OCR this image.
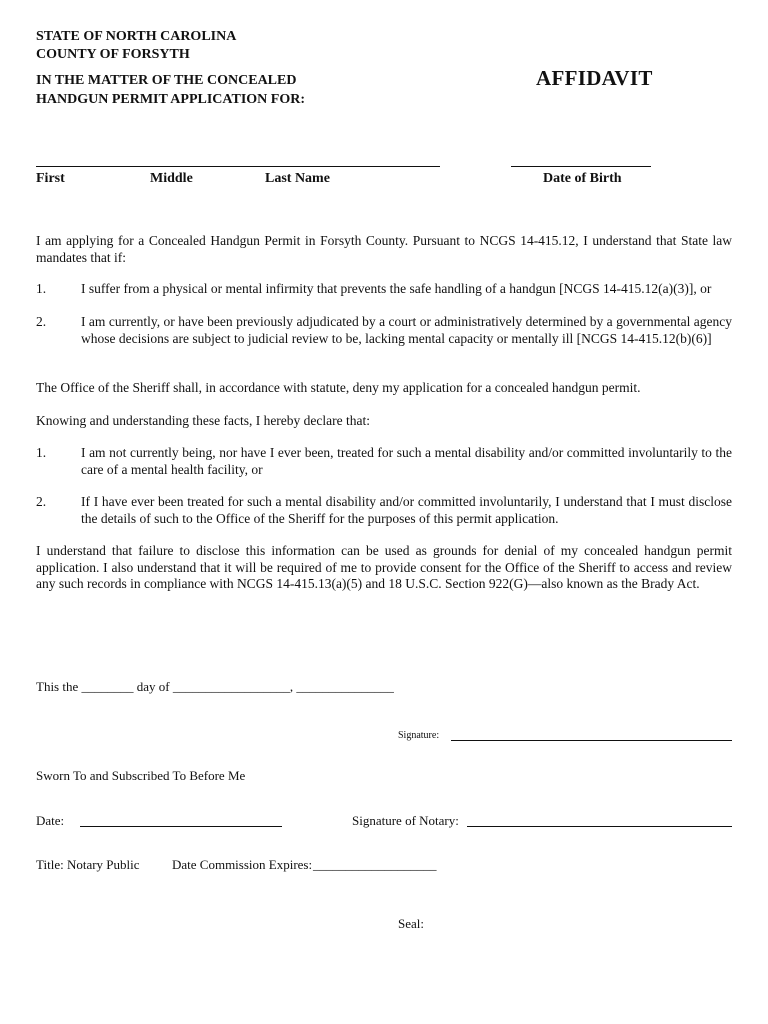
STATE OF NORTH CAROLINA
COUNTY OF FORSYTH
IN THE MATTER OF THE CONCEALED
HANDGUN PERMIT APPLICATION FOR:
AFFIDAVIT
First	Middle	Last Name	Date of Birth
I am applying for a Concealed Handgun Permit in Forsyth County. Pursuant to NCGS 14-415.12, I understand that State law mandates that if:
1.	I suffer from a physical or mental infirmity that prevents the safe handling of a handgun [NCGS 14-415.12(a)(3)], or
2.	I am currently, or have been previously adjudicated by a court or administratively determined by a governmental agency whose decisions are subject to judicial review to be, lacking mental capacity or mentally ill [NCGS 14-415.12(b)(6)]
The Office of the Sheriff shall, in accordance with statute, deny my application for a concealed handgun permit.
Knowing and understanding these facts, I hereby declare that:
1.	I am not currently being, nor have I ever been, treated for such a mental disability and/or committed involuntarily to the care of a mental health facility, or
2.	If I have ever been treated for such a mental disability and/or committed involuntarily, I understand that I must disclose the details of such to the Office of the Sheriff for the purposes of this permit application.
I understand that failure to disclose this information can be used as grounds for denial of my concealed handgun permit application. I also understand that it will be required of me to provide consent for the Office of the Sheriff to access and review any such records in compliance with NCGS 14-415.13(a)(5) and 18 U.S.C. Section 922(G)—also known as the Brady Act.
This the ________ day of __________________, _______________
Signature:
Sworn To and Subscribed To Before Me
Date:	Signature of Notary:
Title: Notary Public Date Commission Expires: ___________________
Seal:
